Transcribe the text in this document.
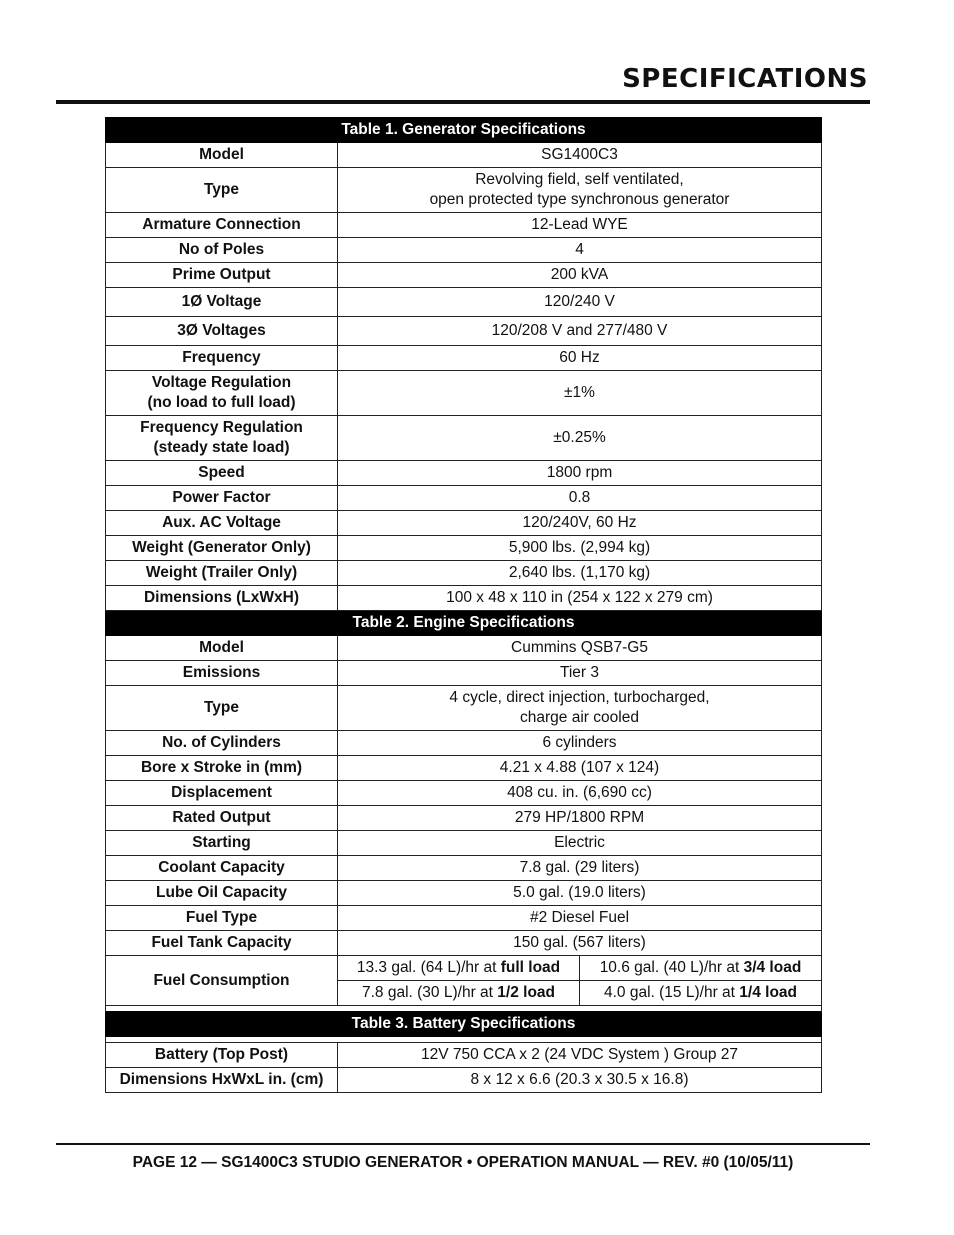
SPECIFICATIONS
Table 1. Generator Specifications		
Model	SG1400C3	
Type	Revolving field, self ventilated,
open protected type synchronous generator	

Armature Connection	12-Lead WYE	
No of Poles	4	
Prime Output	200 kVA	
1Ø Voltage	120/240 V	
3Ø Voltages	120/208 V and 277/480 V	
Frequency	60 Hz	

Voltage Regulation
(no load to full load)	±1%	

Frequency Regulation
(steady state load)	±0.25%	
Speed	1800 rpm	
Power Factor	0.8	
Aux. AC Voltage	120/240V, 60 Hz	
Weight (Generator Only)	5,900 lbs. (2,994 kg)	
Weight (Trailer Only)	2,640 lbs. (1,170 kg)	
Dimensions (LxWxH)	100 x 48 x 110 in (254 x 122 x 279 cm)	
Table 2. Engine Specifications		
Model	Cummins QSB7-G5	
Emissions	Tier 3	
Type	4 cycle, direct injection, turbocharged,
charge air cooled	

No. of Cylinders	6 cylinders	
Bore x Stroke in (mm)	4.21 x 4.88 (107 x 124)	
Displacement	408 cu. in. (6,690 cc)	
Rated Output	279 HP/1800 RPM	
Starting	Electric	
Coolant Capacity	7.8 gal. (29 liters)	
Lube Oil Capacity	5.0 gal. (19.0 liters)	
Fuel Type	#2 Diesel Fuel	
Fuel Tank Capacity	150 gal. (567 liters)	
Fuel Consumption	13.3 gal. (64 L)/hr at full load	10.6 gal. (40 L)/hr at 3/4 load
	7.8 gal. (30 L)/hr at 1/2 load	4.0 gal. (15 L)/hr at 1/4 load

Table 3. Battery Specifications		

Battery (Top Post)	12V 750 CCA x 2 (24 VDC System ) Group 27	
Dimensions HxWxL in. (cm)	8 x 12 x 6.6 (20.3 x 30.5 x 16.8)	
PAGE 12 — SG1400C3 STUDIO GENERATOR • OPERATION MANUAL — REV. #0 (10/05/11)
